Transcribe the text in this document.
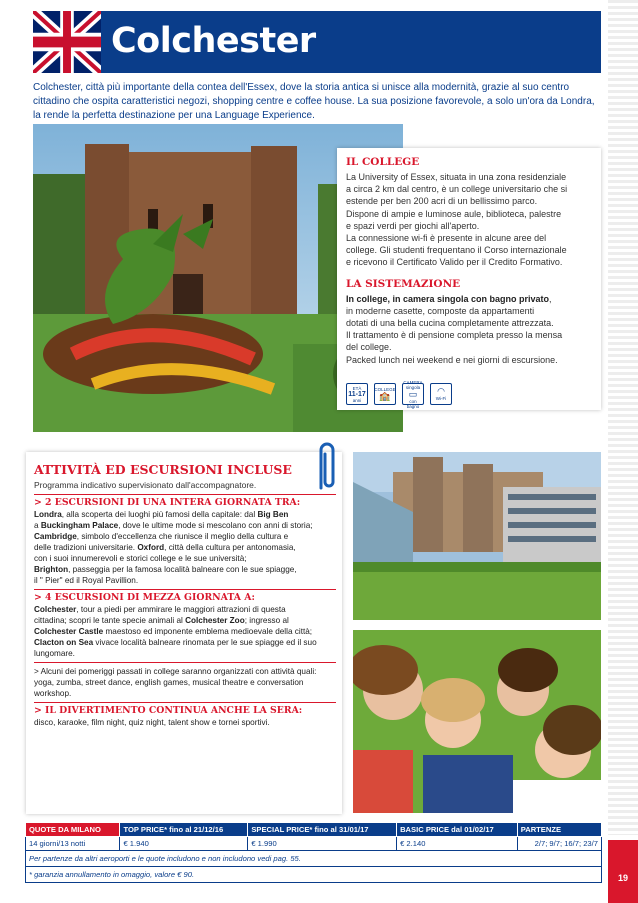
19
Colchester

Colchester, città più importante della contea dell'Essex, dove la storia antica si unisce alla modernità, grazie al suo centro cittadino che ospita caratteristici negozi, shopping centre e coffee house. La sua posizione favorevole, a solo un'ora da Londra, la rende la perfetta destinazione per una Language Experience.

IL COLLEGE

La University of Essex, situata in una zona residenziale
a circa 2 km dal centro, è un college universitario che si
estende per ben 200 acri di un bellissimo parco.
Dispone di ampie e luminose aule, biblioteca, palestre
e spazi verdi per giochi all'aperto.
La connessione wi-fi è presente in alcune aree del
college. Gli studenti frequentano il Corso internazionale
e ricevono il Certificato Valido per il Credito Formativo.

LA SISTEMAZIONE

In college, in camera singola con bagno privato,
in moderne casette, composte da appartamenti
dotati di una bella cucina completamente attrezzata.
Il trattamento è di pensione completa presso la mensa
del college.
Packed lunch nei weekend e nei giorni di escursione.

ETÀ
11-17
anni
COLLEGE
🏫
CAMERA
singola
▭
con bagno
◠
Wi-Fi
ATTIVITÀ ED ESCURSIONI INCLUSE

Programma indicativo supervisionato dall'accompagnatore.

> 2 ESCURSIONI DI UNA INTERA GIORNATA TRA:

Londra, alla scoperta dei luoghi più famosi della capitale: dal Big Ben
a Buckingham Palace, dove le ultime mode si mescolano con anni di storia;
Cambridge, simbolo d'eccellenza che riunisce il meglio della cultura e
delle tradizioni universitarie. Oxford, città della cultura per antonomasia,
con i suoi innumerevoli e storici college e le sue università;
Brighton, passeggia per la famosa località balneare con le sue spiagge,
il " Pier" ed il Royal Pavillion.

> 4 ESCURSIONI DI MEZZA GIORNATA A:

Colchester, tour a piedi per ammirare le maggiori attrazioni di questa
cittadina; scopri le tante specie animali al Colchester Zoo; ingresso al
Colchester Castle maestoso ed imponente emblema medioevale della città;
Clacton on Sea vivace località balneare rinomata per le sue spiagge ed il suo
lungomare.

> Alcuni dei pomeriggi passati in college saranno organizzati con attività quali: yoga, zumba, street dance, english games, musical theatre e conversation workshop.

> IL DIVERTIMENTO CONTINUA ANCHE LA SERA:

disco, karaoke, film night, quiz night, talent show e tornei sportivi.

QUOTE DA MILANO	TOP PRICE* fino al 21/12/16	SPECIAL PRICE* fino al 31/01/17	BASIC PRICE dal 01/02/17	PARTENZE
14 giorni/13 notti	€ 1.940	€ 1.990	€ 2.140	2/7; 9/7; 16/7; 23/7
Per partenze da altri aeroporti e le quote includono e non includono vedi pag. 55.				
* garanzia annullamento in omaggio, valore € 90.				
